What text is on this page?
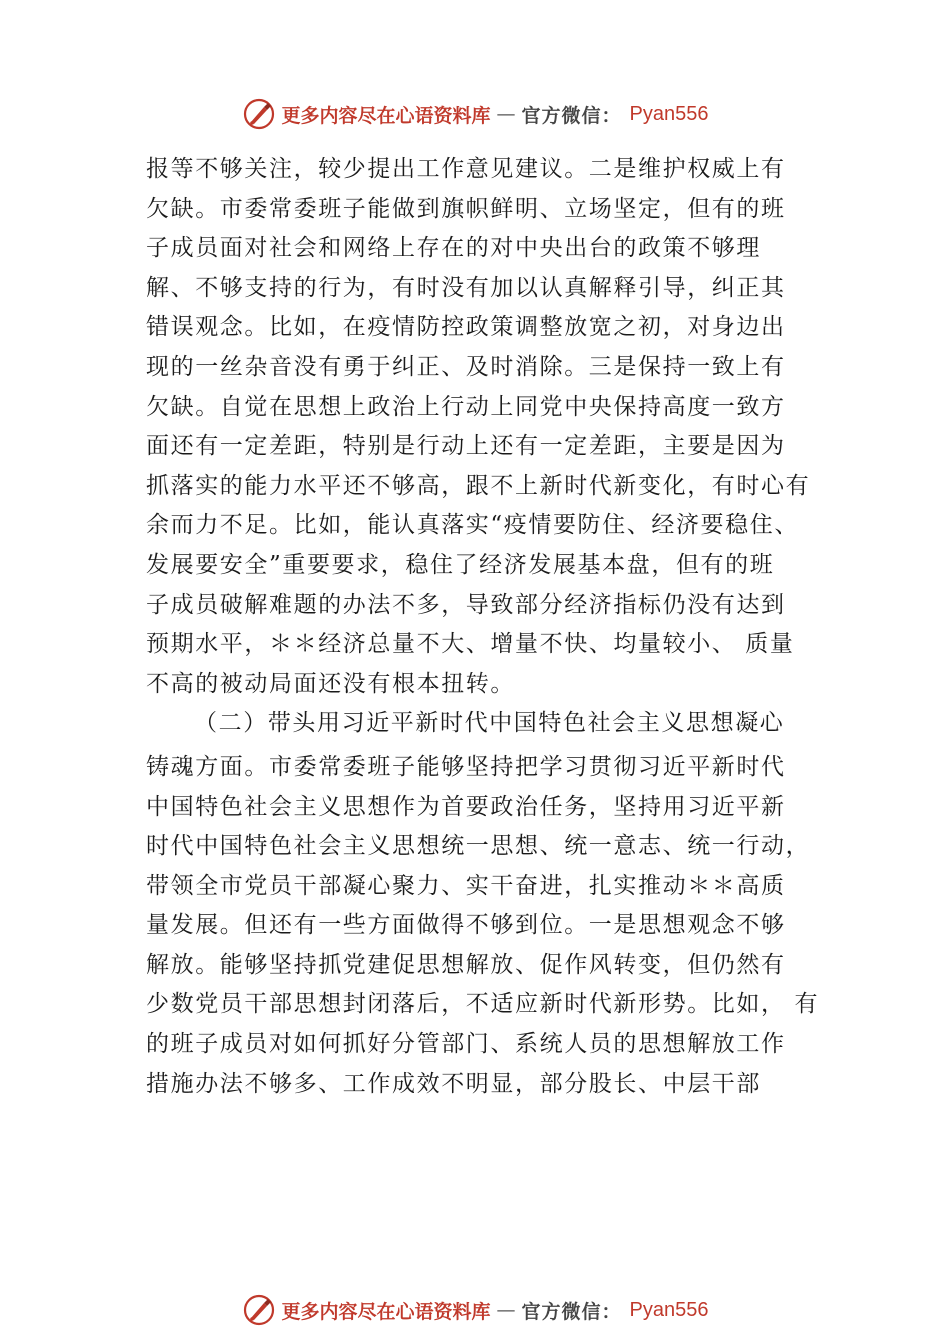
更多内容尽在心语资料库 — 官方微信： Pyan556
报等不够关注，较少提出工作意见建议。二是维护权威上有
欠缺。市委常委班子能做到旗帜鲜明、立场坚定，但有的班
子成员面对社会和网络上存在的对中央出台的政策不够理
解、不够支持的行为，有时没有加以认真解释引导，纠正其
错误观念。比如，在疫情防控政策调整放宽之初，对身边出
现的一丝杂音没有勇于纠正、及时消除。三是保持一致上有
欠缺。自觉在思想上政治上行动上同党中央保持高度一致方
面还有一定差距，特别是行动上还有一定差距，主要是因为
抓落实的能力水平还不够高，跟不上新时代新变化，有时心有
余而力不足。比如，能认真落实“疫情要防住、经济要稳住、
发展要安全”重要要求，稳住了经济发展基本盘，但有的班
子成员破解难题的办法不多，导致部分经济指标仍没有达到
预期水平，＊＊经济总量不大、增量不快、均量较小、 质量
不高的被动局面还没有根本扭转。
（二）带头用习近平新时代中国特色社会主义思想凝心
铸魂方面。市委常委班子能够坚持把学习贯彻习近平新时代
中国特色社会主义思想作为首要政治任务，坚持用习近平新
时代中国特色社会主义思想统一思想、统一意志、统一行动，
带领全市党员干部凝心聚力、实干奋进，扎实推动＊＊高质
量发展。但还有一些方面做得不够到位。一是思想观念不够
解放。能够坚持抓党建促思想解放、促作风转变，但仍然有
少数党员干部思想封闭落后，不适应新时代新形势。比如， 有
的班子成员对如何抓好分管部门、系统人员的思想解放工作
措施办法不够多、工作成效不明显，部分股长、中层干部
更多内容尽在心语资料库 — 官方微信： Pyan556
